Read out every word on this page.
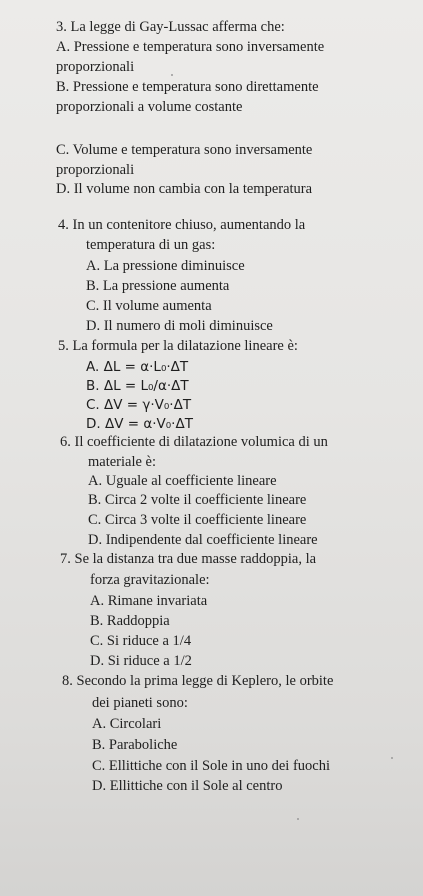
3. La legge di Gay-Lussac afferma che:
A. Pressione e temperatura sono inversamente
proporzionali
B. Pressione e temperatura sono direttamente
proporzionali a volume costante
C. Volume e temperatura sono inversamente
proporzionali
D. Il volume non cambia con la temperatura
4. In un contenitore chiuso, aumentando la
temperatura di un gas:
A. La pressione diminuisce
B. La pressione aumenta
C. Il volume aumenta
D. Il numero di moli diminuisce
5. La formula per la dilatazione lineare è:
A. ΔL = α·L₀·ΔT
B. ΔL = L₀/α·ΔT
C. ΔV = γ·V₀·ΔT
D. ΔV = α·V₀·ΔT
6. Il coefficiente di dilatazione volumica di un
materiale è:
A. Uguale al coefficiente lineare
B. Circa 2 volte il coefficiente lineare
C. Circa 3 volte il coefficiente lineare
D. Indipendente dal coefficiente lineare
7. Se la distanza tra due masse raddoppia, la
forza gravitazionale:
A. Rimane invariata
B. Raddoppia
C. Si riduce a 1/4
D. Si riduce a 1/2
8. Secondo la prima legge di Keplero, le orbite
dei pianeti sono:
A. Circolari
B. Paraboliche
C. Ellittiche con il Sole in uno dei fuochi
D. Ellittiche con il Sole al centro
